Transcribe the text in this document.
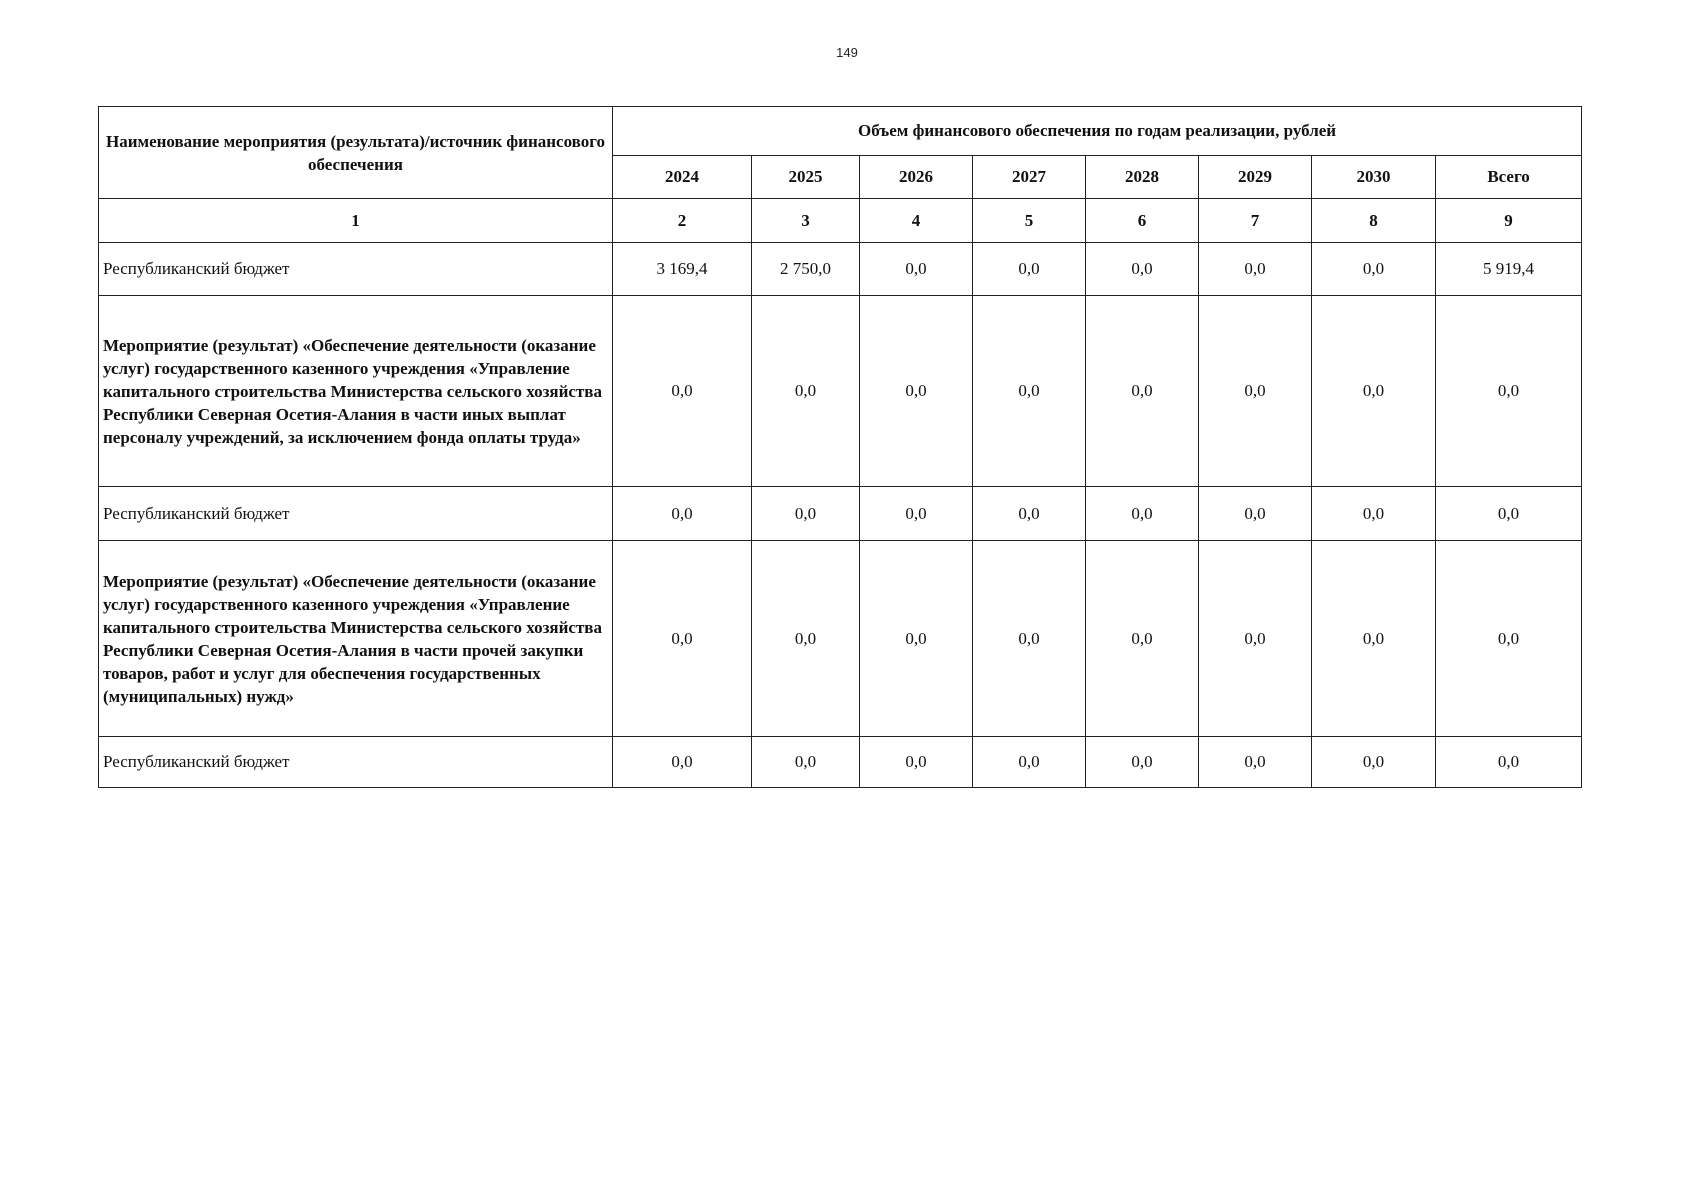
149
Наименование мероприятия (результата)/источник финансового обеспечения	Объем финансового обеспечения по годам реализации, рублей							
	2024	2025	2026	2027	2028	2029	2030	Всего
1	2	3	4	5	6	7	8	9
Республиканский бюджет	3 169,4	2 750,0	0,0	0,0	0,0	0,0	0,0	5 919,4
Мероприятие (результат) «Обеспечение деятельности (оказание услуг) государственного казенного учреждения «Управление капитального строительства Министерства сельского хозяйства Республики Северная Осетия-Алания в части иных выплат персоналу учреждений, за исключением фонда оплаты труда»	0,0	0,0	0,0	0,0	0,0	0,0	0,0	0,0
Республиканский бюджет	0,0	0,0	0,0	0,0	0,0	0,0	0,0	0,0
Мероприятие (результат) «Обеспечение деятельности (оказание услуг) государственного казенного учреждения «Управление капитального строительства Министерства сельского хозяйства Республики Северная Осетия-Алания в части прочей закупки товаров, работ и услуг для обеспечения государственных (муниципальных) нужд»	0,0	0,0	0,0	0,0	0,0	0,0	0,0	0,0
Республиканский бюджет	0,0	0,0	0,0	0,0	0,0	0,0	0,0	0,0
